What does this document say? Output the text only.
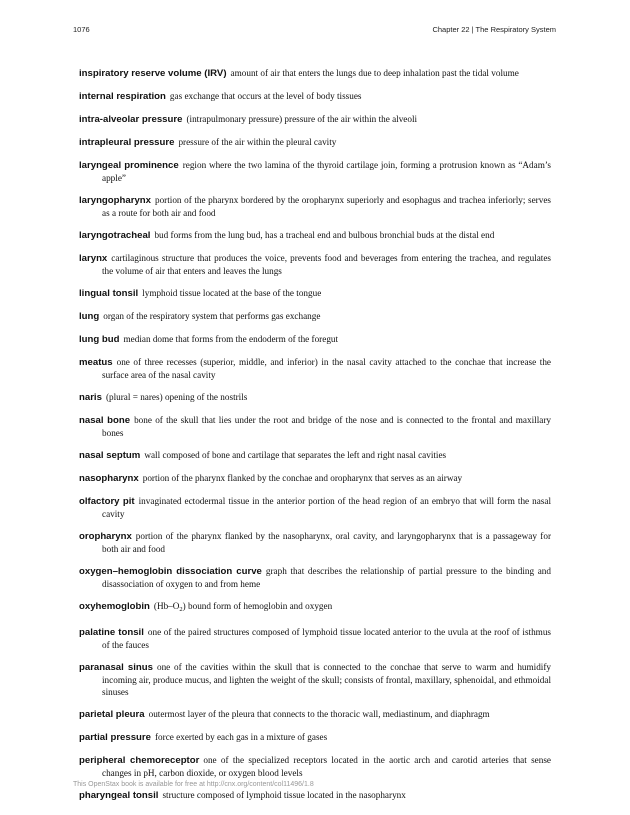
1076	Chapter 22 | The Respiratory System

inspiratory reserve volume (IRV) amount of air that enters the lungs due to deep inhalation past the tidal volume

internal respiration gas exchange that occurs at the level of body tissues

intra-alveolar pressure (intrapulmonary pressure) pressure of the air within the alveoli

intrapleural pressure pressure of the air within the pleural cavity

laryngeal prominence region where the two lamina of the thyroid cartilage join, forming a protrusion known as “Adam’s apple”

laryngopharynx portion of the pharynx bordered by the oropharynx superiorly and esophagus and trachea inferiorly; serves as a route for both air and food

laryngotracheal bud forms from the lung bud, has a tracheal end and bulbous bronchial buds at the distal end

larynx cartilaginous structure that produces the voice, prevents food and beverages from entering the trachea, and regulates the volume of air that enters and leaves the lungs

lingual tonsil lymphoid tissue located at the base of the tongue

lung organ of the respiratory system that performs gas exchange

lung bud median dome that forms from the endoderm of the foregut

meatus one of three recesses (superior, middle, and inferior) in the nasal cavity attached to the conchae that increase the surface area of the nasal cavity

naris (plural = nares) opening of the nostrils

nasal bone bone of the skull that lies under the root and bridge of the nose and is connected to the frontal and maxillary bones

nasal septum wall composed of bone and cartilage that separates the left and right nasal cavities

nasopharynx portion of the pharynx flanked by the conchae and oropharynx that serves as an airway

olfactory pit invaginated ectodermal tissue in the anterior portion of the head region of an embryo that will form the nasal cavity

oropharynx portion of the pharynx flanked by the nasopharynx, oral cavity, and laryngopharynx that is a passageway for both air and food

oxygen–hemoglobin dissociation curve graph that describes the relationship of partial pressure to the binding and disassociation of oxygen to and from heme

oxyhemoglobin $(Hb-O_2)$ bound form of hemoglobin and oxygen

palatine tonsil one of the paired structures composed of lymphoid tissue located anterior to the uvula at the roof of isthmus of the fauces

paranasal sinus one of the cavities within the skull that is connected to the conchae that serve to warm and humidify incoming air, produce mucus, and lighten the weight of the skull; consists of frontal, maxillary, sphenoidal, and ethmoidal sinuses

parietal pleura outermost layer of the pleura that connects to the thoracic wall, mediastinum, and diaphragm

partial pressure force exerted by each gas in a mixture of gases

peripheral chemoreceptor one of the specialized receptors located in the aortic arch and carotid arteries that sense changes in pH, carbon dioxide, or oxygen blood levels

pharyngeal tonsil structure composed of lymphoid tissue located in the nasopharynx

This OpenStax book is available for free at http://cnx.org/content/col11496/1.8
